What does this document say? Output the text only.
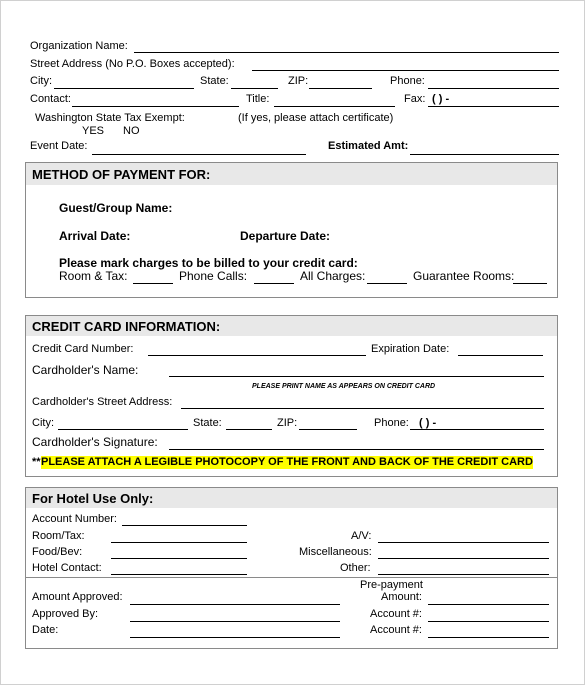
Organization Name:
Street Address (No P.O. Boxes accepted):
City:	State:	ZIP:	Phone:
Contact:	Title:	Fax: ( ) -
Washington State Tax Exempt:	(If yes, please attach certificate)
YES NO
Event Date:	Estimated Amt:
METHOD OF PAYMENT FOR:
Guest/Group Name:
Arrival Date:	Departure Date:
Please mark charges to be billed to your credit card:
Room & Tax:	Phone Calls:	All Charges:	Guarantee Rooms:
CREDIT CARD INFORMATION:
Credit Card Number:	Expiration Date:
Cardholder's Name:
PLEASE PRINT NAME AS APPEARS ON CREDIT CARD
Cardholder's Street Address:
City:	State:	ZIP:	Phone: ( ) -
Cardholder's Signature:
** PLEASE ATTACH A LEGIBLE PHOTOCOPY OF THE FRONT AND BACK OF THE CREDIT CARD
For Hotel Use Only:
Account Number:
Room/Tax:	A/V:
Food/Bev:	Miscellaneous:
Hotel Contact:	Other:
Pre-payment
Amount Approved:	Amount:
Approved By:	Account #:
Date:	Account #:
